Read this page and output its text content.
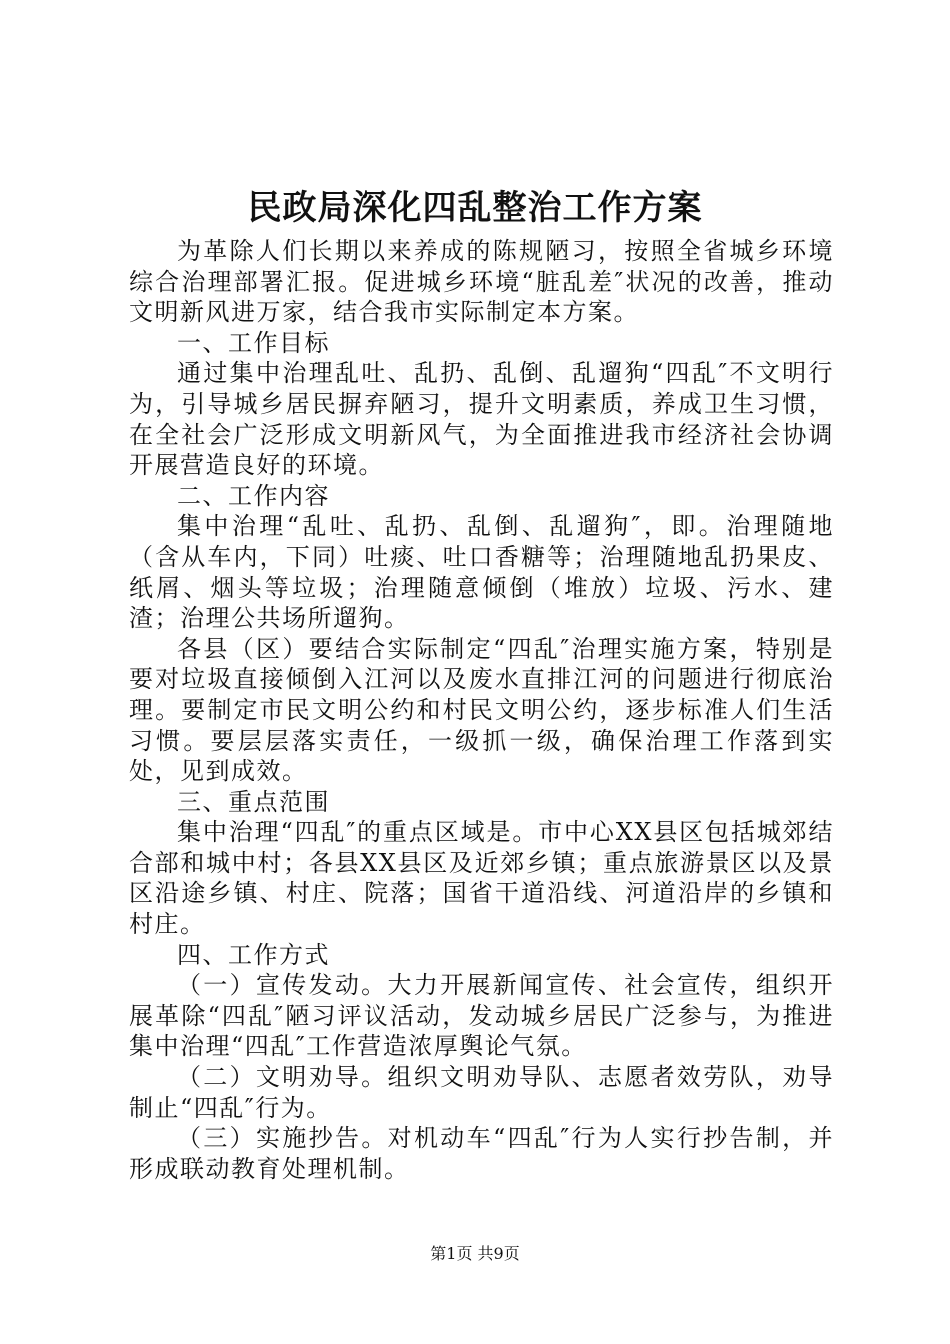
民政局深化四乱整治工作方案

为革除人们长期以来养成的陈规陋习，按照全省城乡环境综合治理部署汇报。促进城乡环境“脏乱差″状况的改善，推动文明新风进万家，结合我市实际制定本方案。

一、工作目标

通过集中治理乱吐、乱扔、乱倒、乱遛狗“四乱″不文明行为，引导城乡居民摒弃陋习，提升文明素质，养成卫生习惯，在全社会广泛形成文明新风气，为全面推进我市经济社会协调开展营造良好的环境。

二、工作内容

集中治理“乱吐、乱扔、乱倒、乱遛狗″，即。治理随地（含从车内，下同）吐痰、吐口香糖等；治理随地乱扔果皮、纸屑、烟头等垃圾；治理随意倾倒（堆放）垃圾、污水、建渣；治理公共场所遛狗。

各县（区）要结合实际制定“四乱″治理实施方案，特别是要对垃圾直接倾倒入江河以及废水直排江河的问题进行彻底治理。要制定市民文明公约和村民文明公约，逐步标准人们生活习惯。要层层落实责任，一级抓一级，确保治理工作落到实处，见到成效。

三、重点范围

集中治理“四乱″的重点区域是。市中心XX县区包括城郊结合部和城中村；各县XX县区及近郊乡镇；重点旅游景区以及景区沿途乡镇、村庄、院落；国省干道沿线、河道沿岸的乡镇和村庄。

四、工作方式

（一）宣传发动。大力开展新闻宣传、社会宣传，组织开展革除“四乱″陋习评议活动，发动城乡居民广泛参与，为推进集中治理“四乱″工作营造浓厚舆论气氛。

（二）文明劝导。组织文明劝导队、志愿者效劳队，劝导制止“四乱″行为。

（三）实施抄告。对机动车“四乱″行为人实行抄告制，并形成联动教育处理机制。

第1页 共9页
